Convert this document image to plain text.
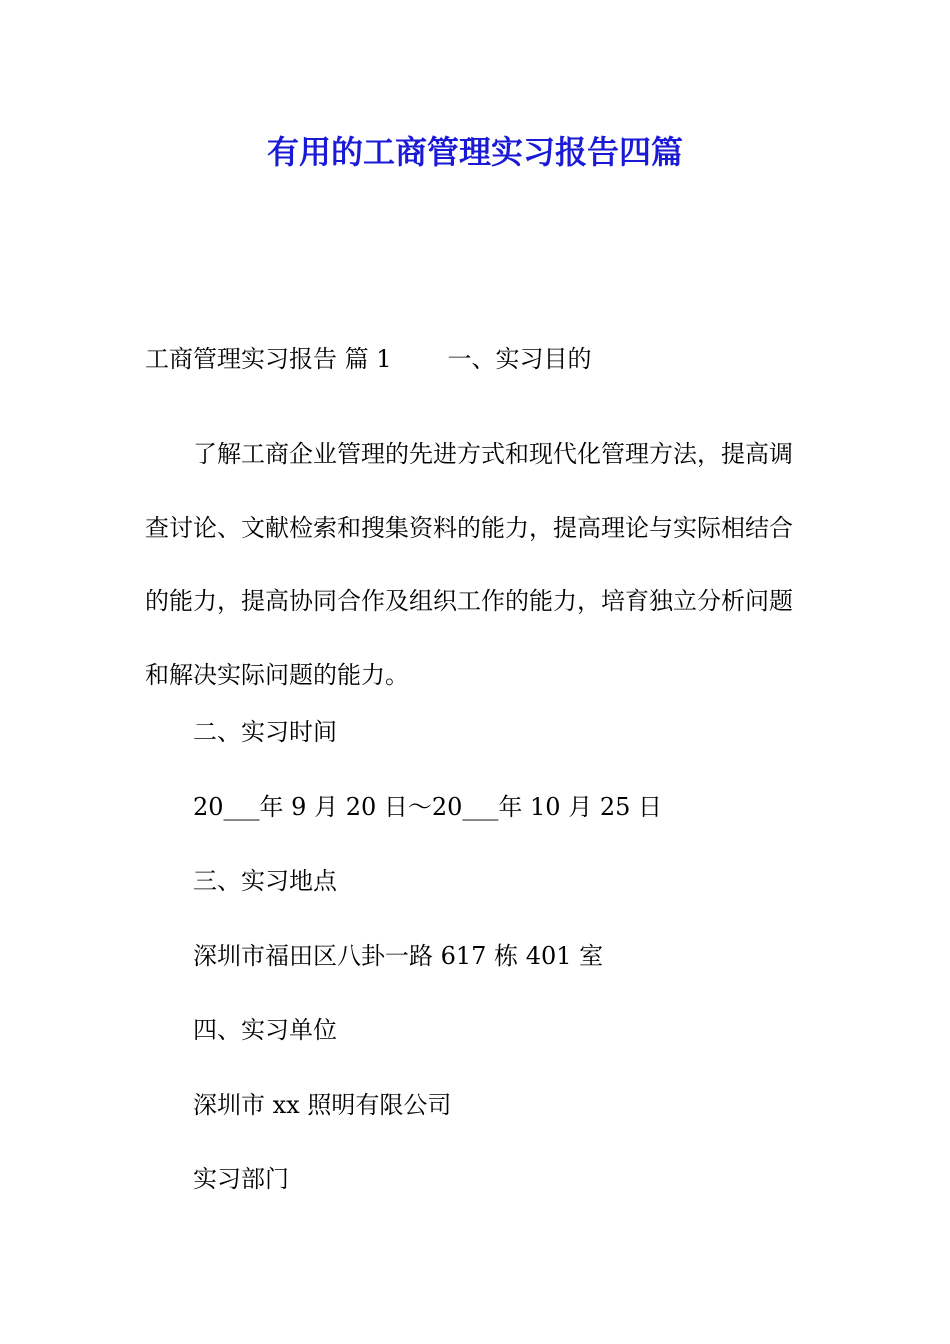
有用的工商管理实习报告四篇

工商管理实习报告 篇 1 一、实习目的

了解工商企业管理的先进方式和现代化管理方法，提高调
查讨论、文献检索和搜集资料的能力，提高理论与实际相结合
的能力，提高协同合作及组织工作的能力，培育独立分析问题
和解决实际问题的能力。

二、实习时间

20___年 9 月 20 日～20___年 10 月 25 日

三、实习地点

深圳市福田区八卦一路 617 栋 401 室

四、实习单位

深圳市 xx 照明有限公司

实习部门
